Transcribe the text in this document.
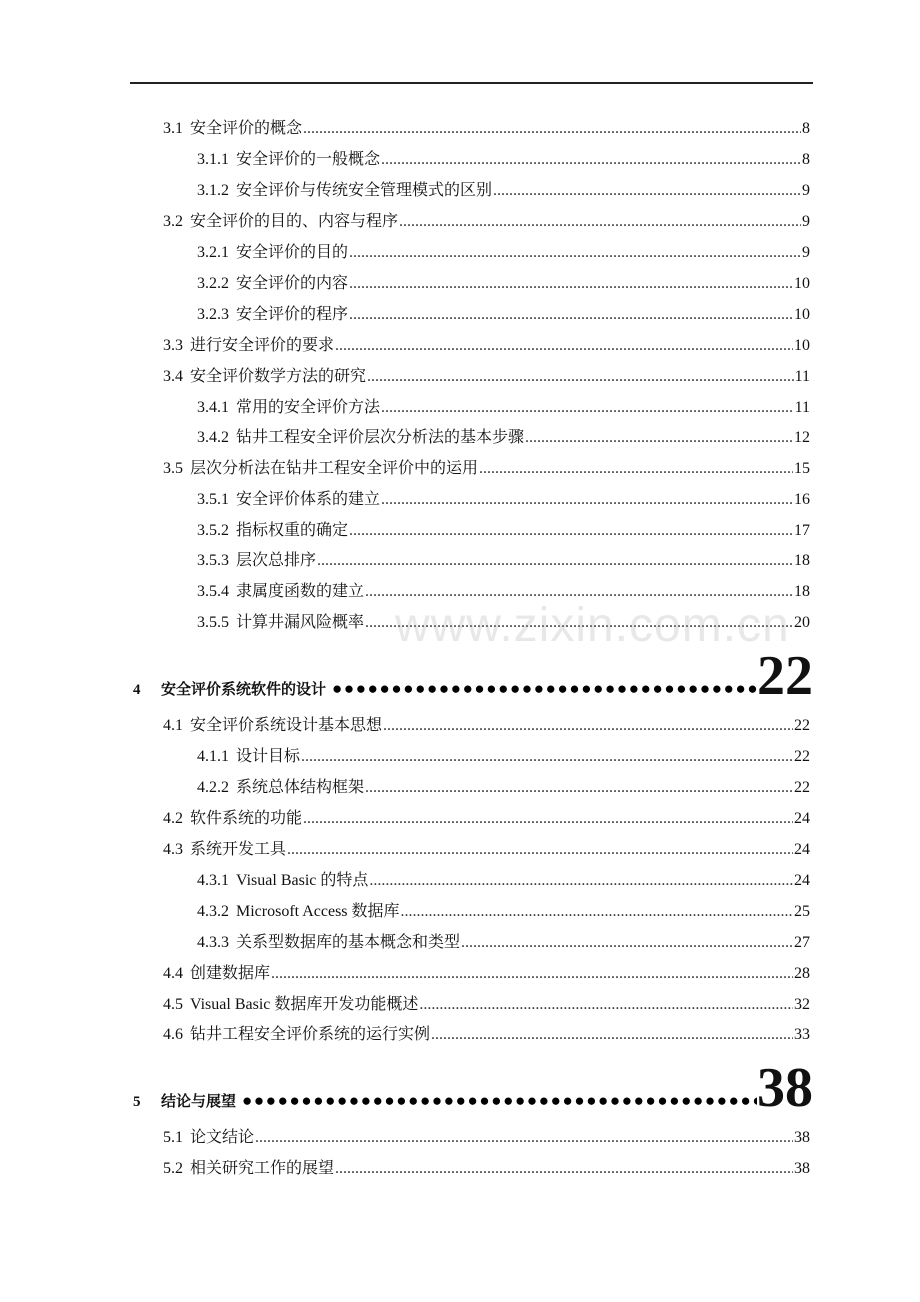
3.1 安全评价的概念 .....	8
3.1.1 安全评价的一般概念 .....	8
3.1.2 安全评价与传统安全管理模式的区别 .....	9
3.2 安全评价的目的、内容与程序 .....	9
3.2.1 安全评价的目的 .....	9
3.2.2 安全评价的内容 .....	10
3.2.3 安全评价的程序 .....	10
3.3 进行安全评价的要求 .....	10
3.4 安全评价数学方法的研究 .....	11
3.4.1 常用的安全评价方法 .....	11
3.4.2 钻井工程安全评价层次分析法的基本步骤 .....	12
3.5 层次分析法在钻井工程安全评价中的运用 .....	15
3.5.1 安全评价体系的建立 .....	16
3.5.2 指标权重的确定 .....	17
3.5.3 层次总排序 .....	18
3.5.4 隶属度函数的建立 .....	18
3.5.5 计算井漏风险概率 .....	20
4	安全评价系统软件的设计 ●●●●●●●●●●●●●●●●●●●●●●●●●●●●●●●●●●●●●●●●●●●●●●●●●●●●●●●●●●●●●●●●●●●●●●	22
4.1 安全评价系统设计基本思想 .....	22
4.1.1 设计目标 .....	22
4.2.2 系统总体结构框架 .....	22
4.2 软件系统的功能 .....	24
4.3 系统开发工具 .....	24
4.3.1 Visual Basic 的特点 .....	24
4.3.2 Microsoft Access 数据库 .....	25
4.3.3 关系型数据库的基本概念和类型 .....	27
4.4 创建数据库 .....	28
4.5 Visual Basic 数据库开发功能概述 .....	32
4.6 钻井工程安全评价系统的运行实例 .....	33
5	结论与展望 ●●●●●●●●●●●●●●●●●●●●●●●●●●●●●●●●●●●●●●●●●●●●●●●●●●●●●●●●●●●●●●●●●●●●●●	38
5.1 论文结论 .....	38
5.2 相关研究工作的展望 .....	38
www.zixin.com.cn
